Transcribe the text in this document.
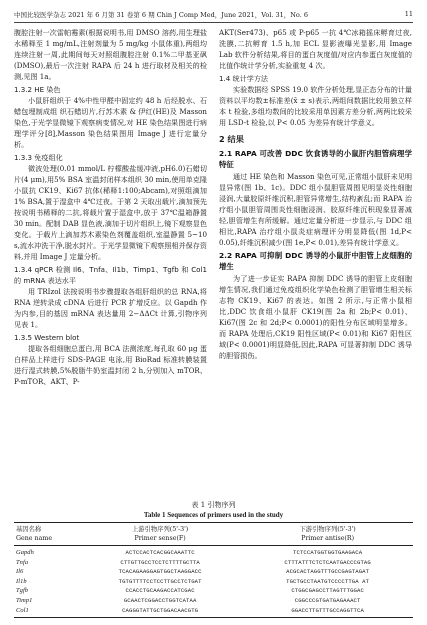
中国比较医学杂志 2021 年 6 月第 31 卷第 6 期 Chin J Comp Med，June 2021，Vol. 31，No. 6	11

腹腔注射一次雷帕霉素(根据说明书,用 DMSO 溶药,用生理盐水稀释至 1 mg/mL,注射剂量为 5 mg/kg 小鼠体重),两组均连续注射一周,此期间每天对照组腹腔注射 0.1%二甲基亚砜(DMSO),最后一次注射 RAPA 后 24 h 进行取材及相关的检测,见图 1a。

1.3.2 HE 染色

小鼠肝组织于 4%中性甲醛中固定约 48 h 后经脱水、石蜡包埋制成组 织石蜡切片,行苏木素 & 伊红(HE)及 Masson 染色,于光学显微镜下观察病变情况,对 HE 染色结果图进行病理学评分[8],Masson 染色结果图用 Image J 进行定量分析。

1.3.3 免疫组化

微波处理(0.01 mmol/L 柠檬酸盐缓冲液,pH6.0)石蜡切片(4 μm),用5% BSA 室温封闭样本组织 30 min,使用单克隆小鼠抗 CK19、Ki67 抗体(稀释1:100;Abcam),对照组滴加 1% BSA,置于湿盒中 4℃过夜。于第 2 天取出载片,滴加预先按说明书稀释的二抗,将载片置于湿盒中,放于 37℃温箱静置 30 min。配制 DAB 显色液,滴加于切片组织上,镜下观察显色变化。于载片上滴加苏木素染色剂覆盖组织,室温静置 5~10 s,流水冲洗干净,脱水封片。于光学显微镜下观察照相并保存资料,并用 Image J 定量分析。

1.3.4 qPCR 检测 Il6、Tnfa、Il1b、Timp1、Tgfb 和 Col1 的 mRNA 表达水平

用 TRIzol 法按说明书步骤提取各组肝组织的总 RNA,将 RNA 逆转录成 cDNA 后进行 PCR 扩增反应。以 Gapdh 作为内参,目的基因 mRNA 表达量用 2−ΔΔCt 计算,引物序列见表 1。

1.3.5 Western blot

提取各组细胞总蛋白,用 BCA 法测浓度,每孔取 60 μg 蛋白样品上样进行 SDS-PAGE 电泳,用 BioRad 标准转膜装置进行湿式转膜,5%脱脂牛奶室温封闭 2 h,分别加入 mTOR、P-mTOR、AKT、P-

AKT(Ser473)、p65 或 P-p65 一抗 4℃冰箱摇床孵育过夜,洗膜,二抗孵育 1.5 h,加 ECL 显影液曝光显影,用 Image Lab 软件分析结果,将目的蛋白灰度值/对应内参蛋白灰度值的比值作统计学分析,实验重复 4 次。

1.4 统计学方法

实验数据经 SPSS 19.0 软件分析处理,显正态分布的计量资料以平均数±标准差(x̄ ± s)表示,两组间数据比较用独立样本 t 检验,多组均数间的比较采用单因素方差分析,两两比较采用 LSD-t 检验,以 P< 0.05 为差异有统计学意义。

2 结果
2.1 RAPA 可改善 DDC 饮食诱导的小鼠肝内胆管病理学特征

通过 HE 染色和 Masson 染色可见,正常组小鼠肝未见明显异常(图 1b、1c)。DDC 组小鼠胆管周围见明显炎性细胞浸润,大量胶原纤维沉积,胆管异常增生,结构紊乱;而 RAPA 治疗组小鼠胆管周围炎性细胞浸润、胶原纤维沉积现象显著减轻,胆管增生有所缓解。通过定量分析进一步显示,与 DDC 组相比,RAPA 治疗组小鼠炎症病理评分明显降低(图 1d,P< 0.05),纤维沉积减少(图 1e,P< 0.01),差异有统计学意义。

2.2 RAPA 可抑制 DDC 诱导的小鼠肝中胆管上皮细胞的增生

为了进一步证实 RAPA 抑制 DDC 诱导的胆管上皮细胞增生情况,我们通过免疫组织化学染色检测了胆管增生相关标志物 CK19、Ki67 的表达。如图 2 所示,与正常小鼠相比,DDC 饮食组小鼠肝 CK19(图 2a 和 2b;P< 0.01)、Ki67(图 2c 和 2d;P< 0.0001)的阳性分布区域明显增多。而 RAPA 处理后,CK19 阳性区域(P< 0.01)和 Ki67 阳性区域(P< 0.0001)明显降低,因此,RAPA 可显著抑制 DDC 诱导的胆管损伤。

表 1 引物序列
Table 1 Sequences of primers used in the study
基因名称	上游引物序列(5'-3')	下游引物序列(5'-3')
Gene name	Primer sense(F)	Primer antise(R)
Gapdh	ACTCCACTCACGGCAAATTC	TCTCCATGGTGGTGAAGACA
Tnfa	CTTGTTGCCTCCTCTTTTGCTTA	CTTTATTTCTCTCAATGACCCGTAG
Il6	TCACAGAAGGAGTGGCTAAGGACC	ACGCACTAGGTTTGCCGAGTAGAT
Il1b	TGTGTTTTCCTCCTTGCCTCTGAT	TGCTGCCTAATGTCCCCTTGA AT
Tgfb	CCACCTGCAAGACCATCGAC	CTGGCGAGCCTTAGTTTGGAC
Timp1	GCAACTCGGACCTGGTCATAA	CGGCCCGTGATGAGAAACT
Col1	CAGGGTATTGCTGGACAACGTG	GGACCTTGTTTGCCAGGTTCA
